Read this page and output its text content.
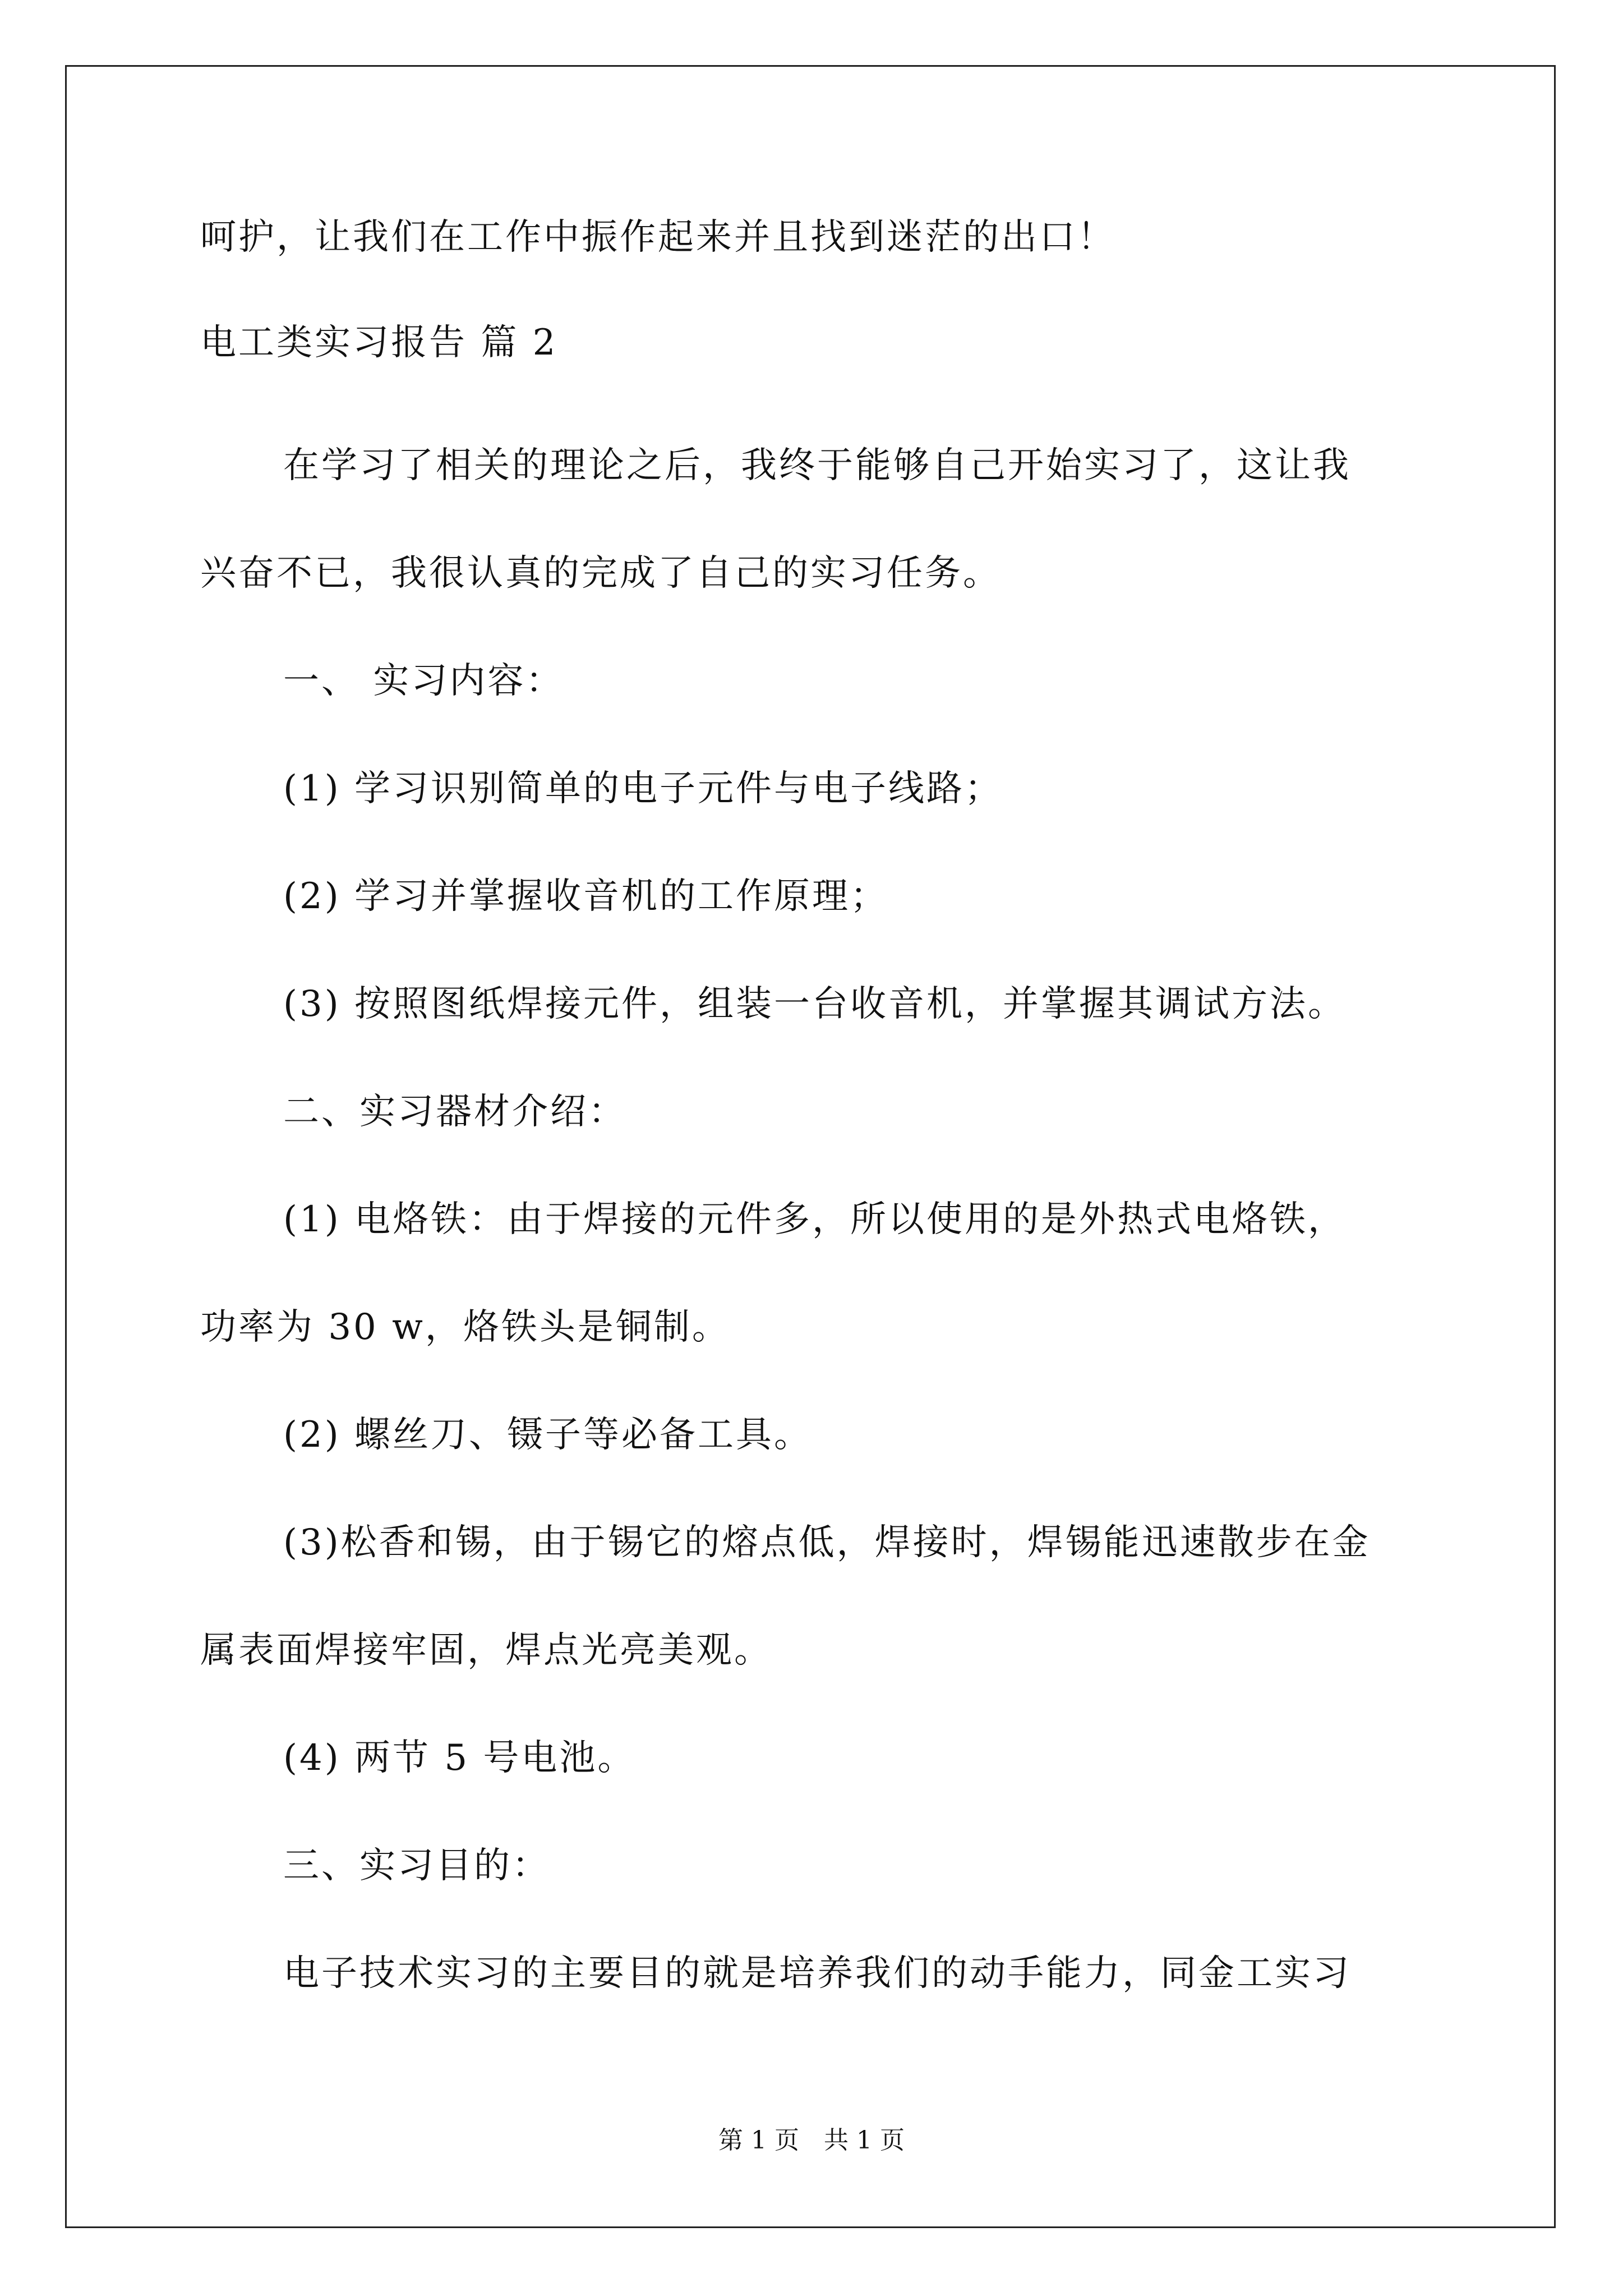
呵护，让我们在工作中振作起来并且找到迷茫的出口！
电工类实习报告 篇 2
在学习了相关的理论之后，我终于能够自己开始实习了，这让我
兴奋不已，我很认真的完成了自己的实习任务。
一、 实习内容：
(1) 学习识别简单的电子元件与电子线路；
(2) 学习并掌握收音机的工作原理；
(3) 按照图纸焊接元件，组装一台收音机，并掌握其调试方法。
二、实习器材介绍：
(1) 电烙铁：由于焊接的元件多，所以使用的是外热式电烙铁，
功率为 30 w，烙铁头是铜制。
(2) 螺丝刀、镊子等必备工具。
(3)松香和锡，由于锡它的熔点低，焊接时，焊锡能迅速散步在金
属表面焊接牢固，焊点光亮美观。
(4) 两节 5 号电池。
三、实习目的：
电子技术实习的主要目的就是培养我们的动手能力，同金工实习
第 1 页　共 1 页
